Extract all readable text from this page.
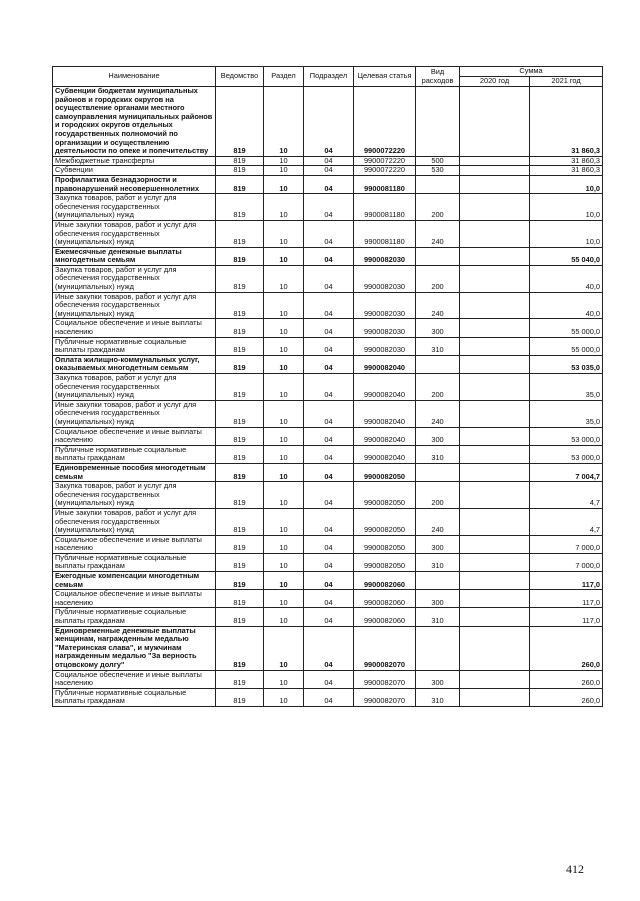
Наименование	Ведомство	Раздел	Подраздел	Целевая статья	Вид расходов	Сумма	
						2020 год	2021 год
Субвенции бюджетам муниципальных районов и городских округов на осуществление органами местного самоуправления муниципальных районов и городских округов отдельных государственных полномочий по организации и осуществлению деятельности по опеке и попечительству	819	10	04	9900072220			31 860,3
Межбюджетные трансферты	819	10	04	9900072220	500		31 860,3
Субвенции	819	10	04	9900072220	530		31 860,3
Профилактика безнадзорности и правонарушений несовершеннолетних	819	10	04	9900081180			10,0
Закупка товаров, работ и услуг для обеспечения государственных (муниципальных) нужд	819	10	04	9900081180	200		10,0
Иные закупки товаров, работ и услуг для обеспечения государственных (муниципальных) нужд	819	10	04	9900081180	240		10,0
Ежемесячные денежные выплаты многодетным семьям	819	10	04	9900082030			55 040,0
Закупка товаров, работ и услуг для обеспечения государственных (муниципальных) нужд	819	10	04	9900082030	200		40,0
Иные закупки товаров, работ и услуг для обеспечения государственных (муниципальных) нужд	819	10	04	9900082030	240		40,0
Социальное обеспечение и иные выплаты населению	819	10	04	9900082030	300		55 000,0
Публичные нормативные социальные выплаты гражданам	819	10	04	9900082030	310		55 000,0
Оплата жилищно-коммунальных услуг, оказываемых многодетным семьям	819	10	04	9900082040			53 035,0
Закупка товаров, работ и услуг для обеспечения государственных (муниципальных) нужд	819	10	04	9900082040	200		35,0
Иные закупки товаров, работ и услуг для обеспечения государственных (муниципальных) нужд	819	10	04	9900082040	240		35,0
Социальное обеспечение и иные выплаты населению	819	10	04	9900082040	300		53 000,0
Публичные нормативные социальные выплаты гражданам	819	10	04	9900082040	310		53 000,0
Единовременные пособия многодетным семьям	819	10	04	9900082050			7 004,7
Закупка товаров, работ и услуг для обеспечения государственных (муниципальных) нужд	819	10	04	9900082050	200		4,7
Иные закупки товаров, работ и услуг для обеспечения государственных (муниципальных) нужд	819	10	04	9900082050	240		4,7
Социальное обеспечение и иные выплаты населению	819	10	04	9900082050	300		7 000,0
Публичные нормативные социальные выплаты гражданам	819	10	04	9900082050	310		7 000,0
Ежегодные компенсации многодетным семьям	819	10	04	9900082060			117,0
Социальное обеспечение и иные выплаты населению	819	10	04	9900082060	300		117,0
Публичные нормативные социальные выплаты гражданам	819	10	04	9900082060	310		117,0
Единовременные денежные выплаты женщинам, награжденным медалью "Материнская слава", и мужчинам награжденным медалью "За верность отцовскому долгу"	819	10	04	9900082070			260,0
Социальное обеспечение и иные выплаты населению	819	10	04	9900082070	300		260,0
Публичные нормативные социальные выплаты гражданам	819	10	04	9900082070	310		260,0
412
